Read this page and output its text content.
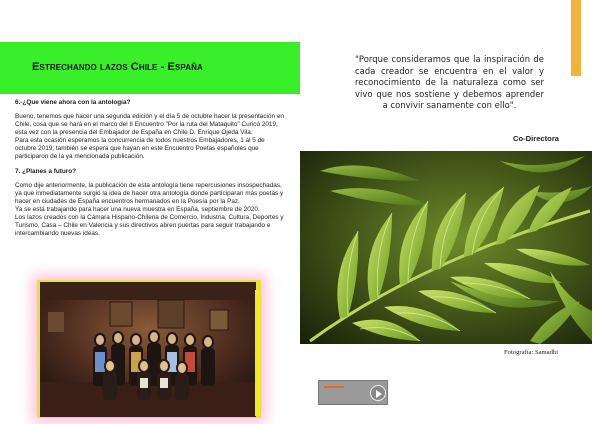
Estrechando lazos Chile - España

6.-¿Que viene ahora con la antología?

Bueno, tenemos que hacer una segunda edición y el día 5 de octubre hacer la presentación en Chile, cosa que se hará en el marco del II Encuentro "Por la ruta del Mataquito" Curicó 2019, esta vez con la presencia del Embajador de España en Chile D. Enrique Ojeda Vila.

Para esta ocasión esperamos la concurrencia de todos nuestros Embajadores, 1 al 5 de octubre 2019; también se espera que hayan en este Encuentro Poetas españoles que participaron de la ya mencionada publicación.

7. ¿Planes a futuro?

Como dije anteriormente, la publicación de esta antología tiene repercusiones insospechadas, ya que inmediatamente surgió la idea de hacer otra antología donde participaran más poetas y hacer en ciudades de España encuentros hermanados en la Poesía por la Paz.

Ya se está trabajando para hacer una nueva muestra en España, septiembre de 2020.

Los lazos creados con la Cámara Hispano-Chilena de Comercio, Industria, Cultura, Deportes y Turismo, Casa – Chile en Valencia y sus directivos abren puertas para seguir trabajando e intercambiando nuevas ideas.

"Porque consideramos que la inspiración de cada creador se encuentra en el valor y reconocimiento de la naturaleza como ser vivo que nos sostiene y debemos aprender a convivir sanamente con ello".

Co-Directora

Fotografía: Samadhi
